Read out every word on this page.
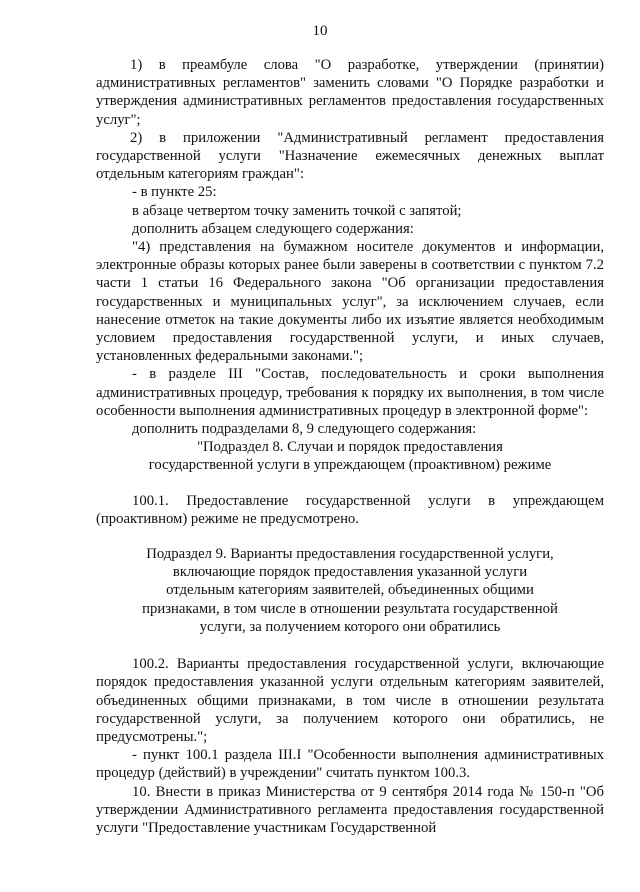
10

1) в преамбуле слова "О разработке, утверждении (принятии) административных регламентов" заменить словами "О Порядке разработки и утверждения административных регламентов предоставления государственных услуг";

2) в приложении "Административный регламент предоставления государственной услуги "Назначение ежемесячных денежных выплат отдельным категориям граждан":

- в пункте 25:

в абзаце четвертом точку заменить точкой с запятой;

дополнить абзацем следующего содержания:

"4) представления на бумажном носителе документов и информации, электронные образы которых ранее были заверены в соответствии с пунктом 7.2 части 1 статьи 16 Федерального закона "Об организации предоставления государственных и муниципальных услуг", за исключением случаев, если нанесение отметок на такие документы либо их изъятие является необходимым условием предоставления государственной услуги, и иных случаев, установленных федеральными законами.";

- в разделе III "Состав, последовательность и сроки выполнения административных процедур, требования к порядку их выполнения, в том числе особенности выполнения административных процедур в электронной форме":

дополнить подразделами 8, 9 следующего содержания:

"Подраздел 8. Случаи и порядок предоставления

государственной услуги в упреждающем (проактивном) режиме

100.1. Предоставление государственной услуги в упреждающем (проактивном) режиме не предусмотрено.

Подраздел 9. Варианты предоставления государственной услуги, включающие порядок предоставления указанной услуги отдельным категориям заявителей, объединенных общими признаками, в том числе в отношении результата государственной услуги, за получением которого они обратились

100.2. Варианты предоставления государственной услуги, включающие порядок предоставления указанной услуги отдельным категориям заявителей, объединенных общими признаками, в том числе в отношении результата государственной услуги, за получением которого они обратились, не предусмотрены.";

- пункт 100.1 раздела III.I "Особенности выполнения административных процедур (действий) в учреждении" считать пунктом 100.3.

10. Внести в приказ Министерства от 9 сентября 2014 года № 150-п "Об утверждении Административного регламента предоставления государственной услуги "Предоставление участникам Государственной
